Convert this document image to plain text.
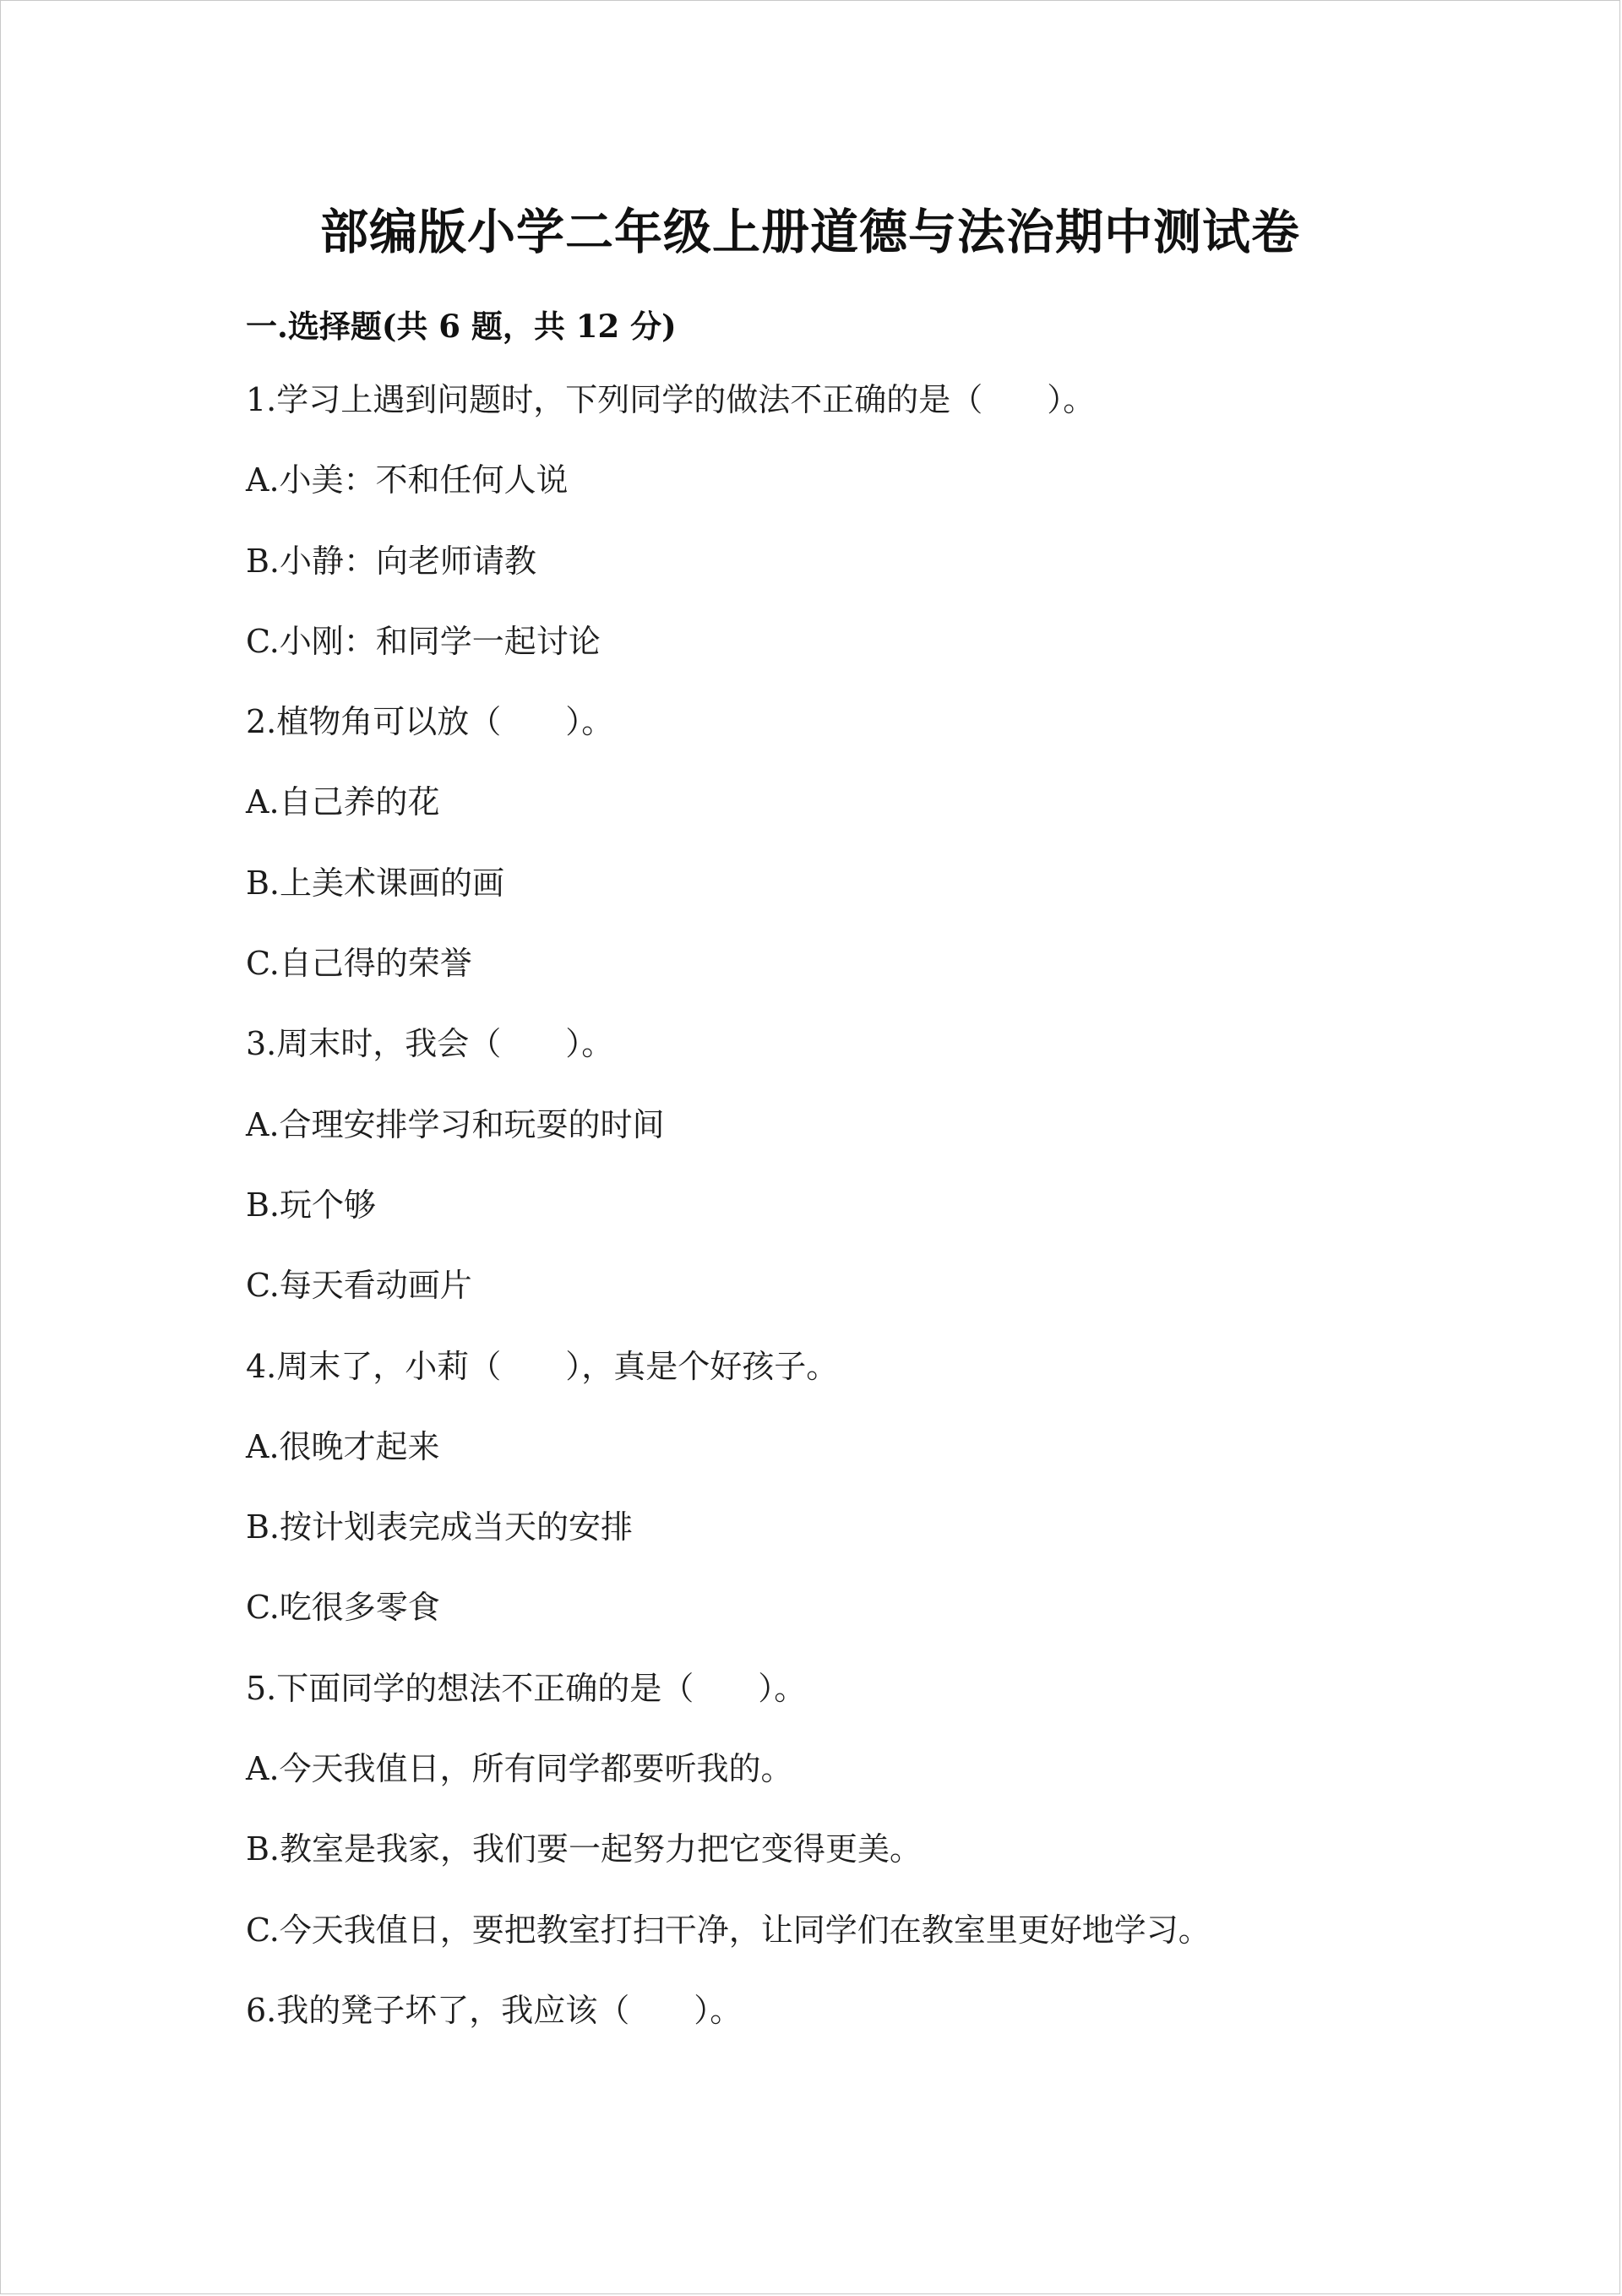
部编版小学二年级上册道德与法治期中测试卷
一.选择题(共 6 题，共 12 分)
1.学习上遇到问题时，下列同学的做法不正确的是（　　）。
A.小美：不和任何人说
B.小静：向老师请教
C.小刚：和同学一起讨论
2.植物角可以放（　　）。
A.自己养的花
B.上美术课画的画
C.自己得的荣誉
3.周末时，我会（　　）。
A.合理安排学习和玩耍的时间
B.玩个够
C.每天看动画片
4.周末了，小莉（　　），真是个好孩子。
A.很晚才起来
B.按计划表完成当天的安排
C.吃很多零食
5.下面同学的想法不正确的是（　　）。
A.今天我值日，所有同学都要听我的。
B.教室是我家，我们要一起努力把它变得更美。
C.今天我值日，要把教室打扫干净，让同学们在教室里更好地学习。
6.我的凳子坏了，我应该（　　）。
